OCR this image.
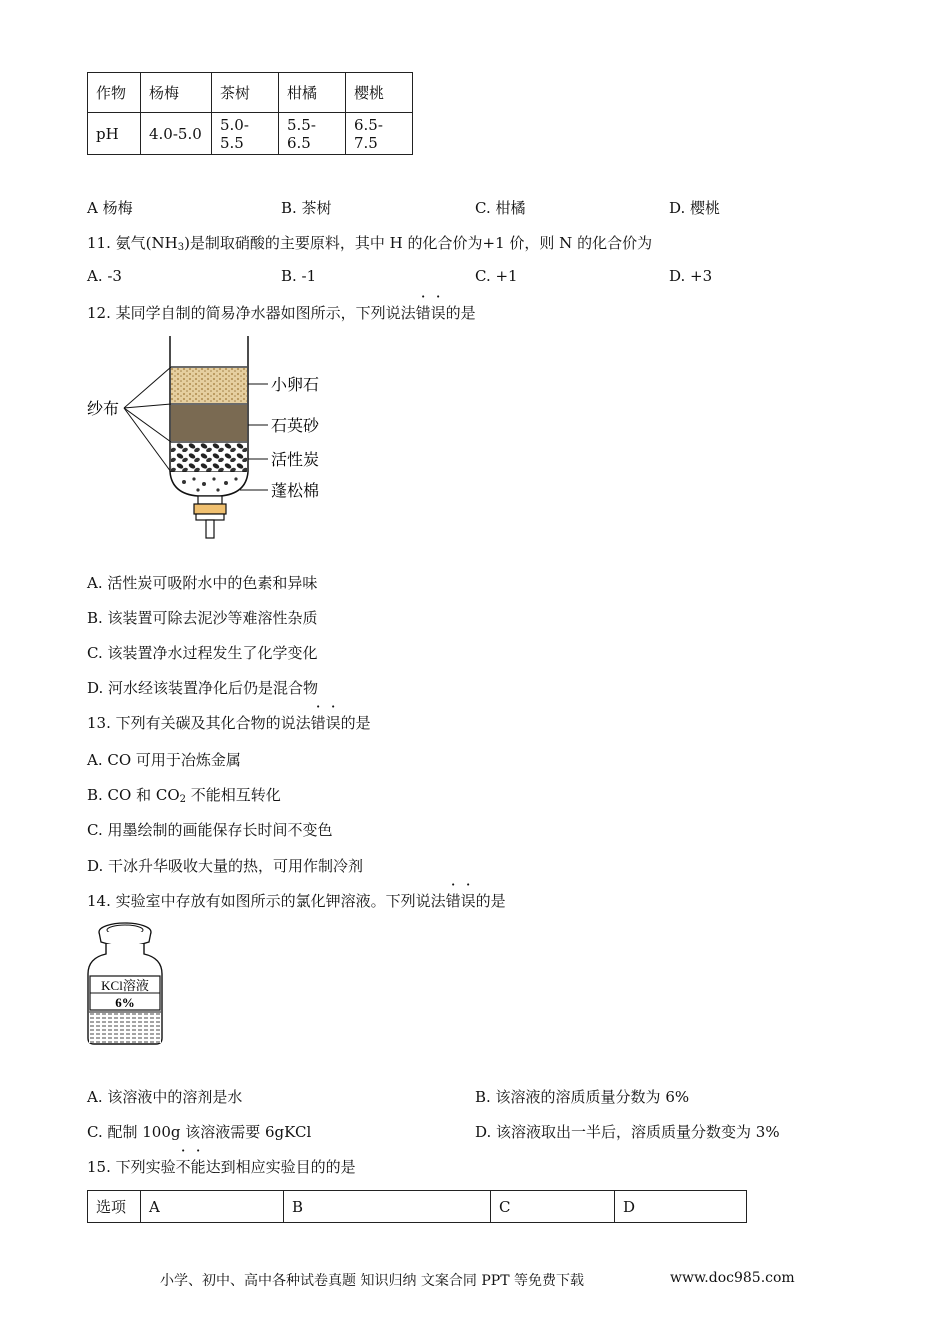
作物	杨梅	茶树	柑橘	樱桃
pH	4.0-5.0	5.0-5.5	5.5-6.5	6.5-7.5
A 杨梅	B. 茶树	C. 柑橘	D. 樱桃
11. 氨气$(NH_3)$是制取硝酸的主要原料，其中 H 的化合价为+1 价，则 N 的化合价为
A. -3	B. -1	C. +1	D. +3
12. 某同学自制的简易净水器如图所示，下列说法错误的是
纱布
小卵石
石英砂
活性炭
蓬松棉
A. 活性炭可吸附水中的色素和异味
B. 该装置可除去泥沙等难溶性杂质
C. 该装置净水过程发生了化学变化
D. 河水经该装置净化后仍是混合物
13. 下列有关碳及其化合物的说法错误的是
A. CO 可用于冶炼金属
B. CO 和 $CO_2$ 不能相互转化
C. 用墨绘制的画能保存长时间不变色
D. 干冰升华吸收大量的热，可用作制冷剂
14. 实验室中存放有如图所示的氯化钾溶液。下列说法错误的是
KCl溶液
6%
A. 该溶液中的溶剂是水	B. 该溶液的溶质质量分数为 6%
C. 配制 100g 该溶液需要 6gKCl	D. 该溶液取出一半后，溶质质量分数变为 3%
15. 下列实验不能达到相应实验目的的是
选项	A	B	C	D
小学、初中、高中各种试卷真题 知识归纳 文案合同 PPT 等免费下载	www.doc985.com
